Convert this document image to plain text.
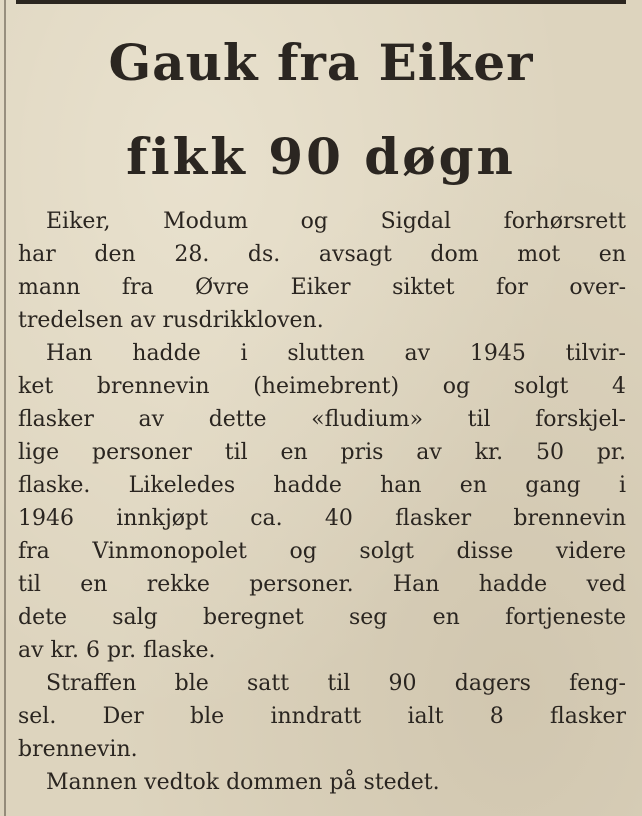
Gauk fra Eiker
fikk 90 døgn
Eiker, Modum og Sigdal forhørsrett
har den 28. ds. avsagt dom mot en
mann fra Øvre Eiker siktet for over-
tredelsen av rusdrikkloven.
Han hadde i slutten av 1945 tilvir-
ket brennevin (heimebrent) og solgt 4
flasker av dette «fludium» til forskjel-
lige personer til en pris av kr. 50 pr.
flaske. Likeledes hadde han en gang i
1946 innkjøpt ca. 40 flasker brennevin
fra Vinmonopolet og solgt disse videre
til en rekke personer. Han hadde ved
dete salg beregnet seg en fortjeneste
av kr. 6 pr. flaske.
Straffen ble satt til 90 dagers feng-
sel. Der ble inndratt ialt 8 flasker
brennevin.
Mannen vedtok dommen på stedet.
